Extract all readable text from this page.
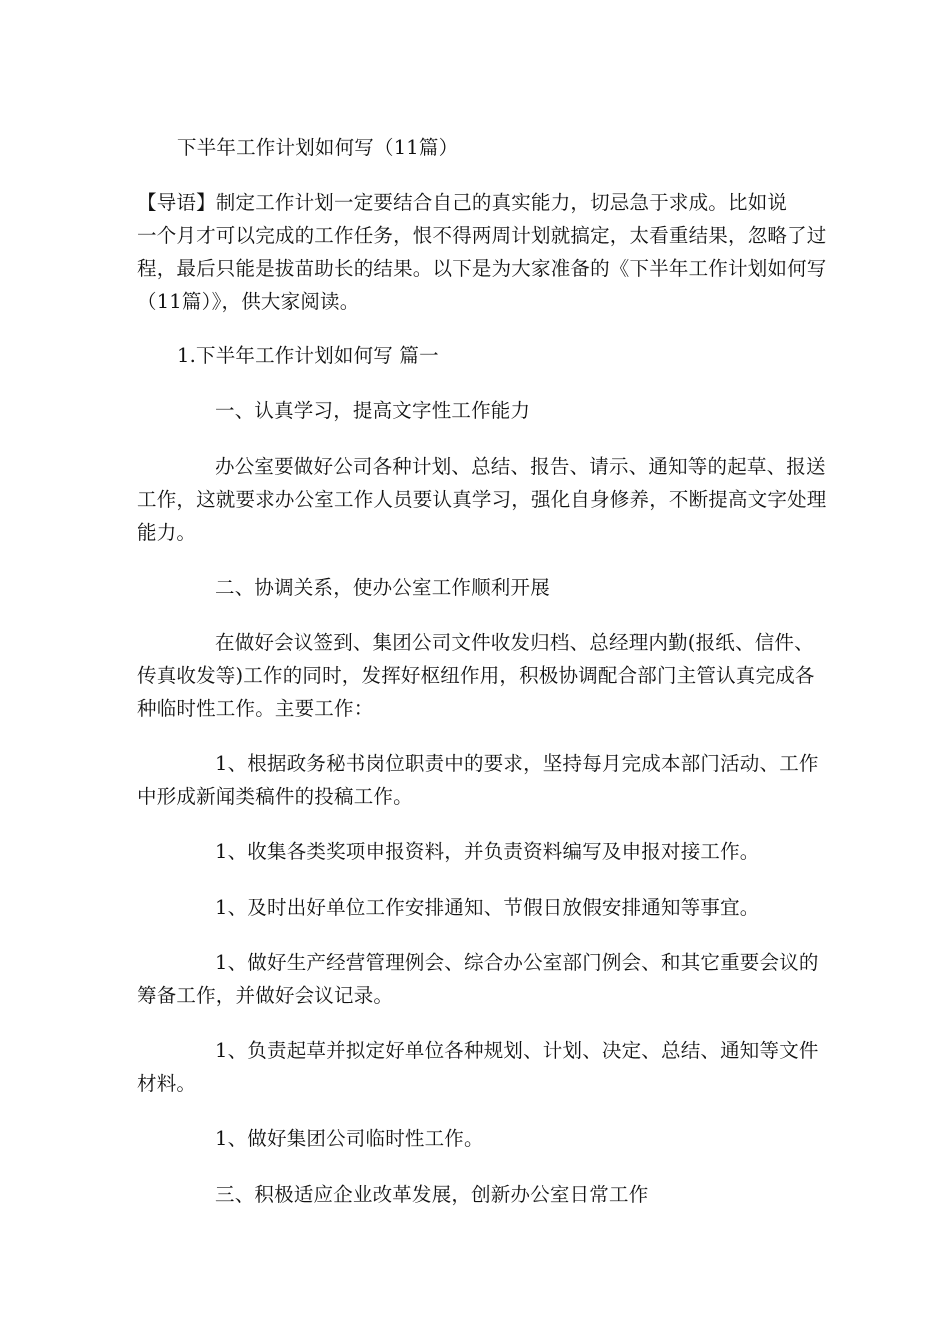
下半年工作计划如何写（11篇）
【导语】制定工作计划一定要结合自己的真实能力，切忌急于求成。比如说
一个月才可以完成的工作任务，恨不得两周计划就搞定，太看重结果，忽略了过
程，最后只能是拔苗助长的结果。以下是为大家准备的《下半年工作计划如何写
（11篇）》，供大家阅读。
1.下半年工作计划如何写 篇一
一、认真学习，提高文字性工作能力
办公室要做好公司各种计划、总结、报告、请示、通知等的起草、报送
工作，这就要求办公室工作人员要认真学习，强化自身修养，不断提高文字处理
能力。
二、协调关系，使办公室工作顺利开展
在做好会议签到、集团公司文件收发归档、总经理内勤(报纸、信件、
传真收发等)工作的同时，发挥好枢纽作用，积极协调配合部门主管认真完成各
种临时性工作。主要工作：
1、根据政务秘书岗位职责中的要求，坚持每月完成本部门活动、工作
中形成新闻类稿件的投稿工作。
1、收集各类奖项申报资料，并负责资料编写及申报对接工作。
1、及时出好单位工作安排通知、节假日放假安排通知等事宜。
1、做好生产经营管理例会、综合办公室部门例会、和其它重要会议的
筹备工作，并做好会议记录。
1、负责起草并拟定好单位各种规划、计划、决定、总结、通知等文件
材料。
1、做好集团公司临时性工作。
三、积极适应企业改革发展，创新办公室日常工作
